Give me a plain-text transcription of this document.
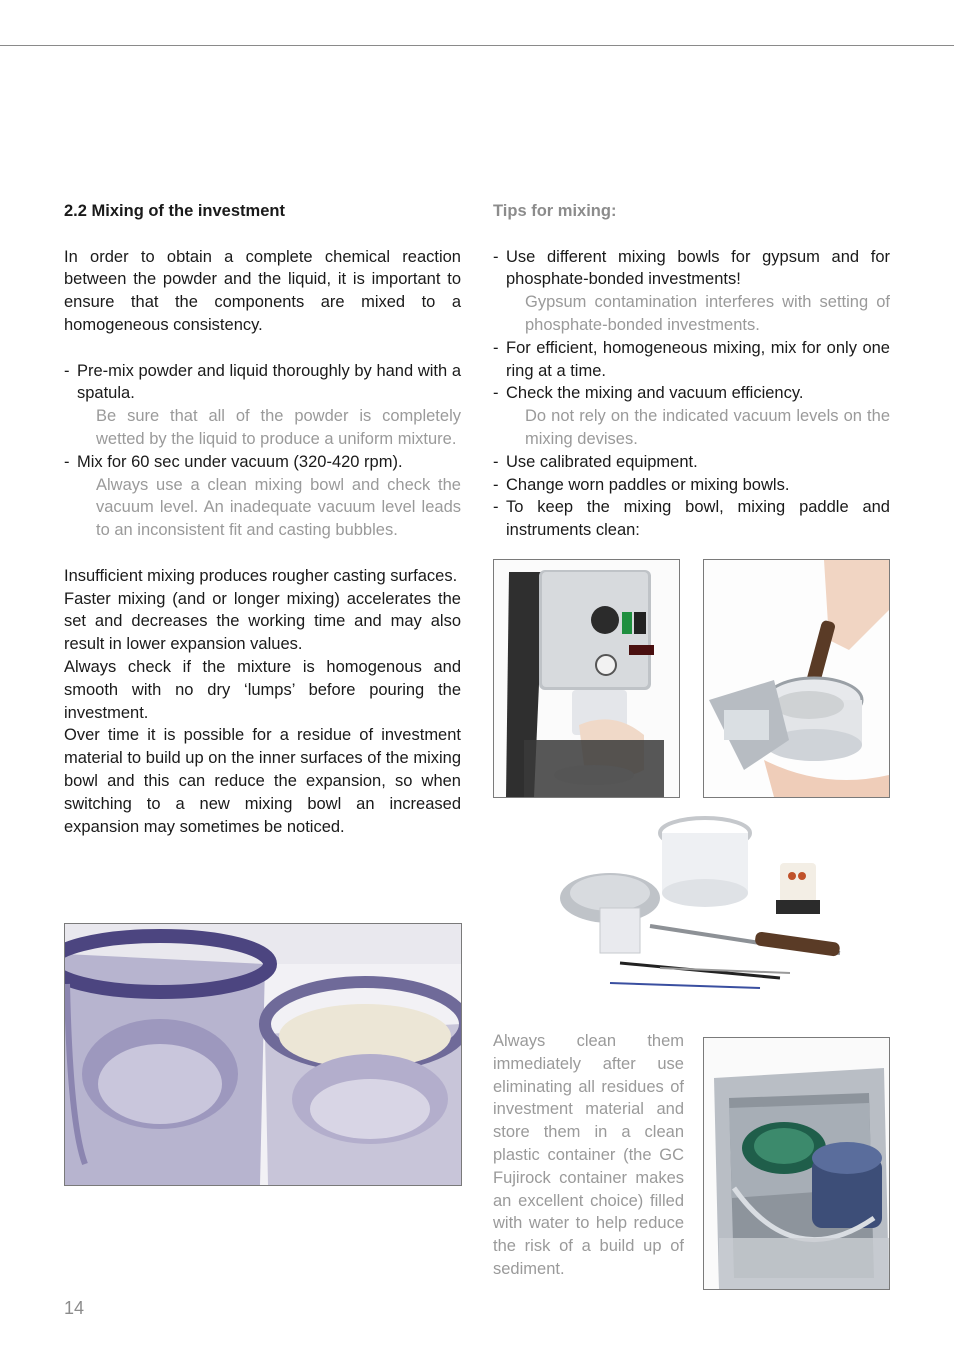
2.2 Mixing of the investment

In order to obtain a complete chemical reaction between the powder and the liquid, it is important to ensure that the components are mixed to a homogeneous consistency.

- Pre-mix powder and liquid thoroughly by hand with a spatula.

Be sure that all of the powder is completely wetted by the liquid to produce a uniform mixture.

- Mix for 60 sec under vacuum (320-420 rpm).

Always use a clean mixing bowl and check the vacuum level. An inadequate vacuum level leads to an inconsistent fit and casting bubbles.

Insufficient mixing produces rougher casting surfaces.

Faster mixing (and or longer mixing) accelerates the set and decreases the working time and may also result in lower expansion values.

Always check if the mixture is homogenous and smooth with no dry ‘lumps’ before pouring the investment.

Over time it is possible for a residue of investment material to build up on the inner surfaces of the mixing bowl and this can reduce the expansion, so when switching to a new mixing bowl an increased expansion may sometimes be noticed.

Tips for mixing:

- Use different mixing bowls for gypsum and for phosphate-bonded investments!

Gypsum contamination interferes with setting of phosphate-bonded investments.

- For efficient, homogeneous mixing, mix for only one ring at a time.

- Check the mixing and vacuum efficiency.

Do not rely on the indicated vacuum levels on the mixing devises.

- Use calibrated equipment.

- Change worn paddles or mixing bowls.

- To keep the mixing bowl, mixing paddle and instruments clean:

Always clean them immediately after use eliminating all residues of investment material and store them in a clean plastic container (the GC Fujirock container makes an excellent choice) filled with water to help reduce the risk of a build up of sediment.

14
